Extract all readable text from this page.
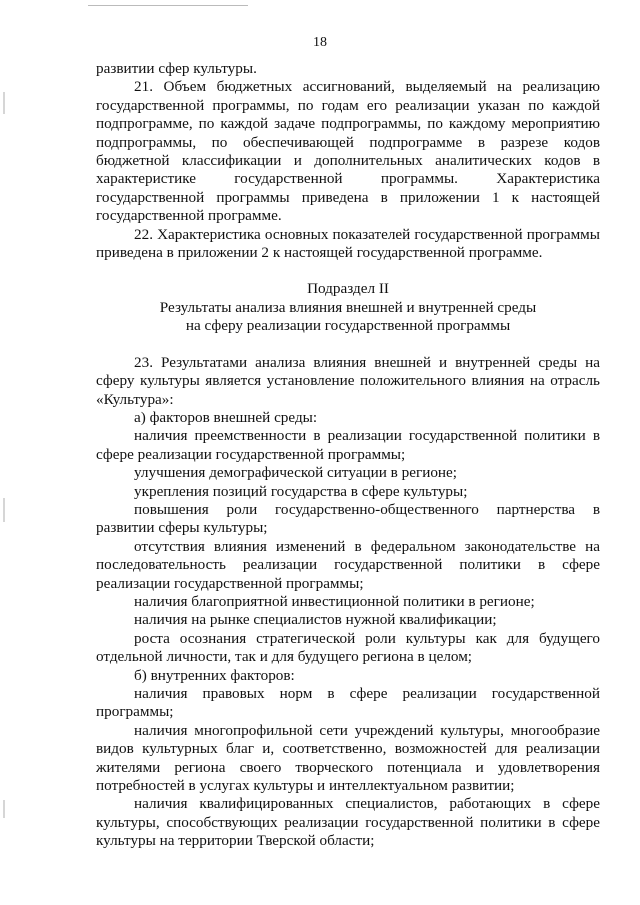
18

развитии сфер культуры.

21. Объем бюджетных ассигнований, выделяемый на реализацию государственной программы, по годам его реализации указан по каждой подпрограмме, по каждой задаче подпрограммы, по каждому мероприятию подпрограммы, по обеспечивающей подпрограмме в разрезе кодов бюджетной классификации и дополнительных аналитических кодов в характеристике государственной программы. Характеристика государственной программы приведена в приложении 1 к настоящей государственной программе.

22. Характеристика основных показателей государственной программы приведена в приложении 2 к настоящей государственной программе.

Подраздел II

Результаты анализа влияния внешней и внутренней среды

на сферу реализации государственной программы

23. Результатами анализа влияния внешней и внутренней среды на сферу культуры является установление положительного влияния на отрасль «Культура»:

а) факторов внешней среды:

наличия преемственности в реализации государственной политики в сфере реализации государственной программы;

улучшения демографической ситуации в регионе;

укрепления позиций государства в сфере культуры;

повышения роли государственно-общественного партнерства в развитии сферы культуры;

отсутствия влияния изменений в федеральном законодательстве на последовательность реализации государственной политики в сфере реализации государственной программы;

наличия благоприятной инвестиционной политики в регионе;

наличия на рынке специалистов нужной квалификации;

роста осознания стратегической роли культуры как для будущего отдельной личности, так и для будущего региона в целом;

б) внутренних факторов:

наличия правовых норм в сфере реализации государственной программы;

наличия многопрофильной сети учреждений культуры, многообразие видов культурных благ и, соответственно, возможностей для реализации жителями региона своего творческого потенциала и удовлетворения потребностей в услугах культуры и интеллектуальном развитии;

наличия квалифицированных специалистов, работающих в сфере культуры, способствующих реализации государственной политики в сфере культуры на территории Тверской области;
